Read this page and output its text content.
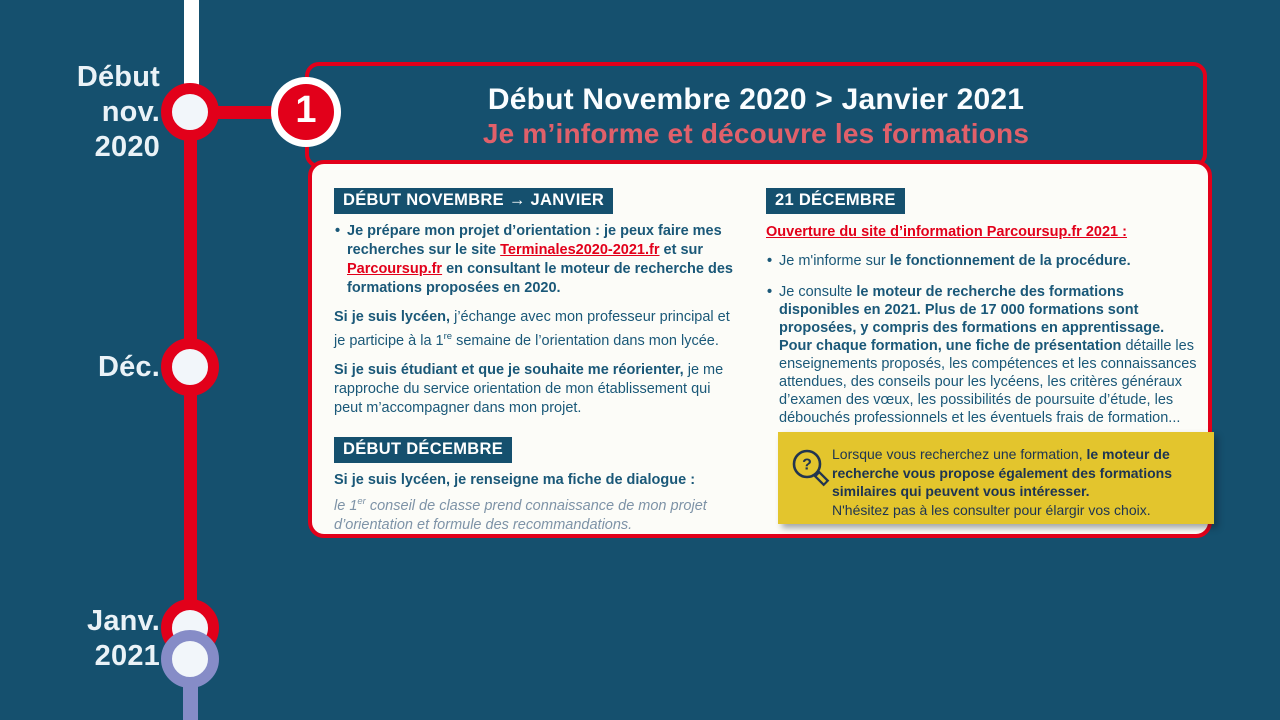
Début
nov.
2020
Déc.
Janv.
2021
1	Début Novembre 2020 > Janvier 2021
Je m’informe et découvre les formations
DÉBUT NOVEMBRE → JANVIER
• Je prépare mon projet d’orientation : je peux faire mes recherches sur le site Terminales2020-2021.fr et sur Parcoursup.fr en consultant le moteur de recherche des formations proposées en 2020.
Si je suis lycéen, j’échange avec mon professeur principal et je participe à la 1re semaine de l’orientation dans mon lycée.
Si je suis étudiant et que je souhaite me réorienter, je me rapproche du service orientation de mon établissement qui peut m’accompagner dans mon projet.
DÉBUT DÉCEMBRE
Si je suis lycéen, je renseigne ma fiche de dialogue :
le 1er conseil de classe prend connaissance de mon projet d’orientation et formule des recommandations.
21 DÉCEMBRE
Ouverture du site d’information Parcoursup.fr 2021 :
• Je m'informe sur le fonctionnement de la procédure.
• Je consulte le moteur de recherche des formations disponibles en 2021. Plus de 17 000 formations sont proposées, y compris des formations en apprentissage. Pour chaque formation, une fiche de présentation détaille les enseignements proposés, les compétences et les connaissances attendues, des conseils pour les lycéens, les critères généraux d’examen des vœux, les possibilités de poursuite d’étude, les débouchés professionnels et les éventuels frais de formation...
?
Lorsque vous recherchez une formation, le moteur de recherche vous propose également des formations similaires qui peuvent vous intéresser.
N'hésitez pas à les consulter pour élargir vos choix.
